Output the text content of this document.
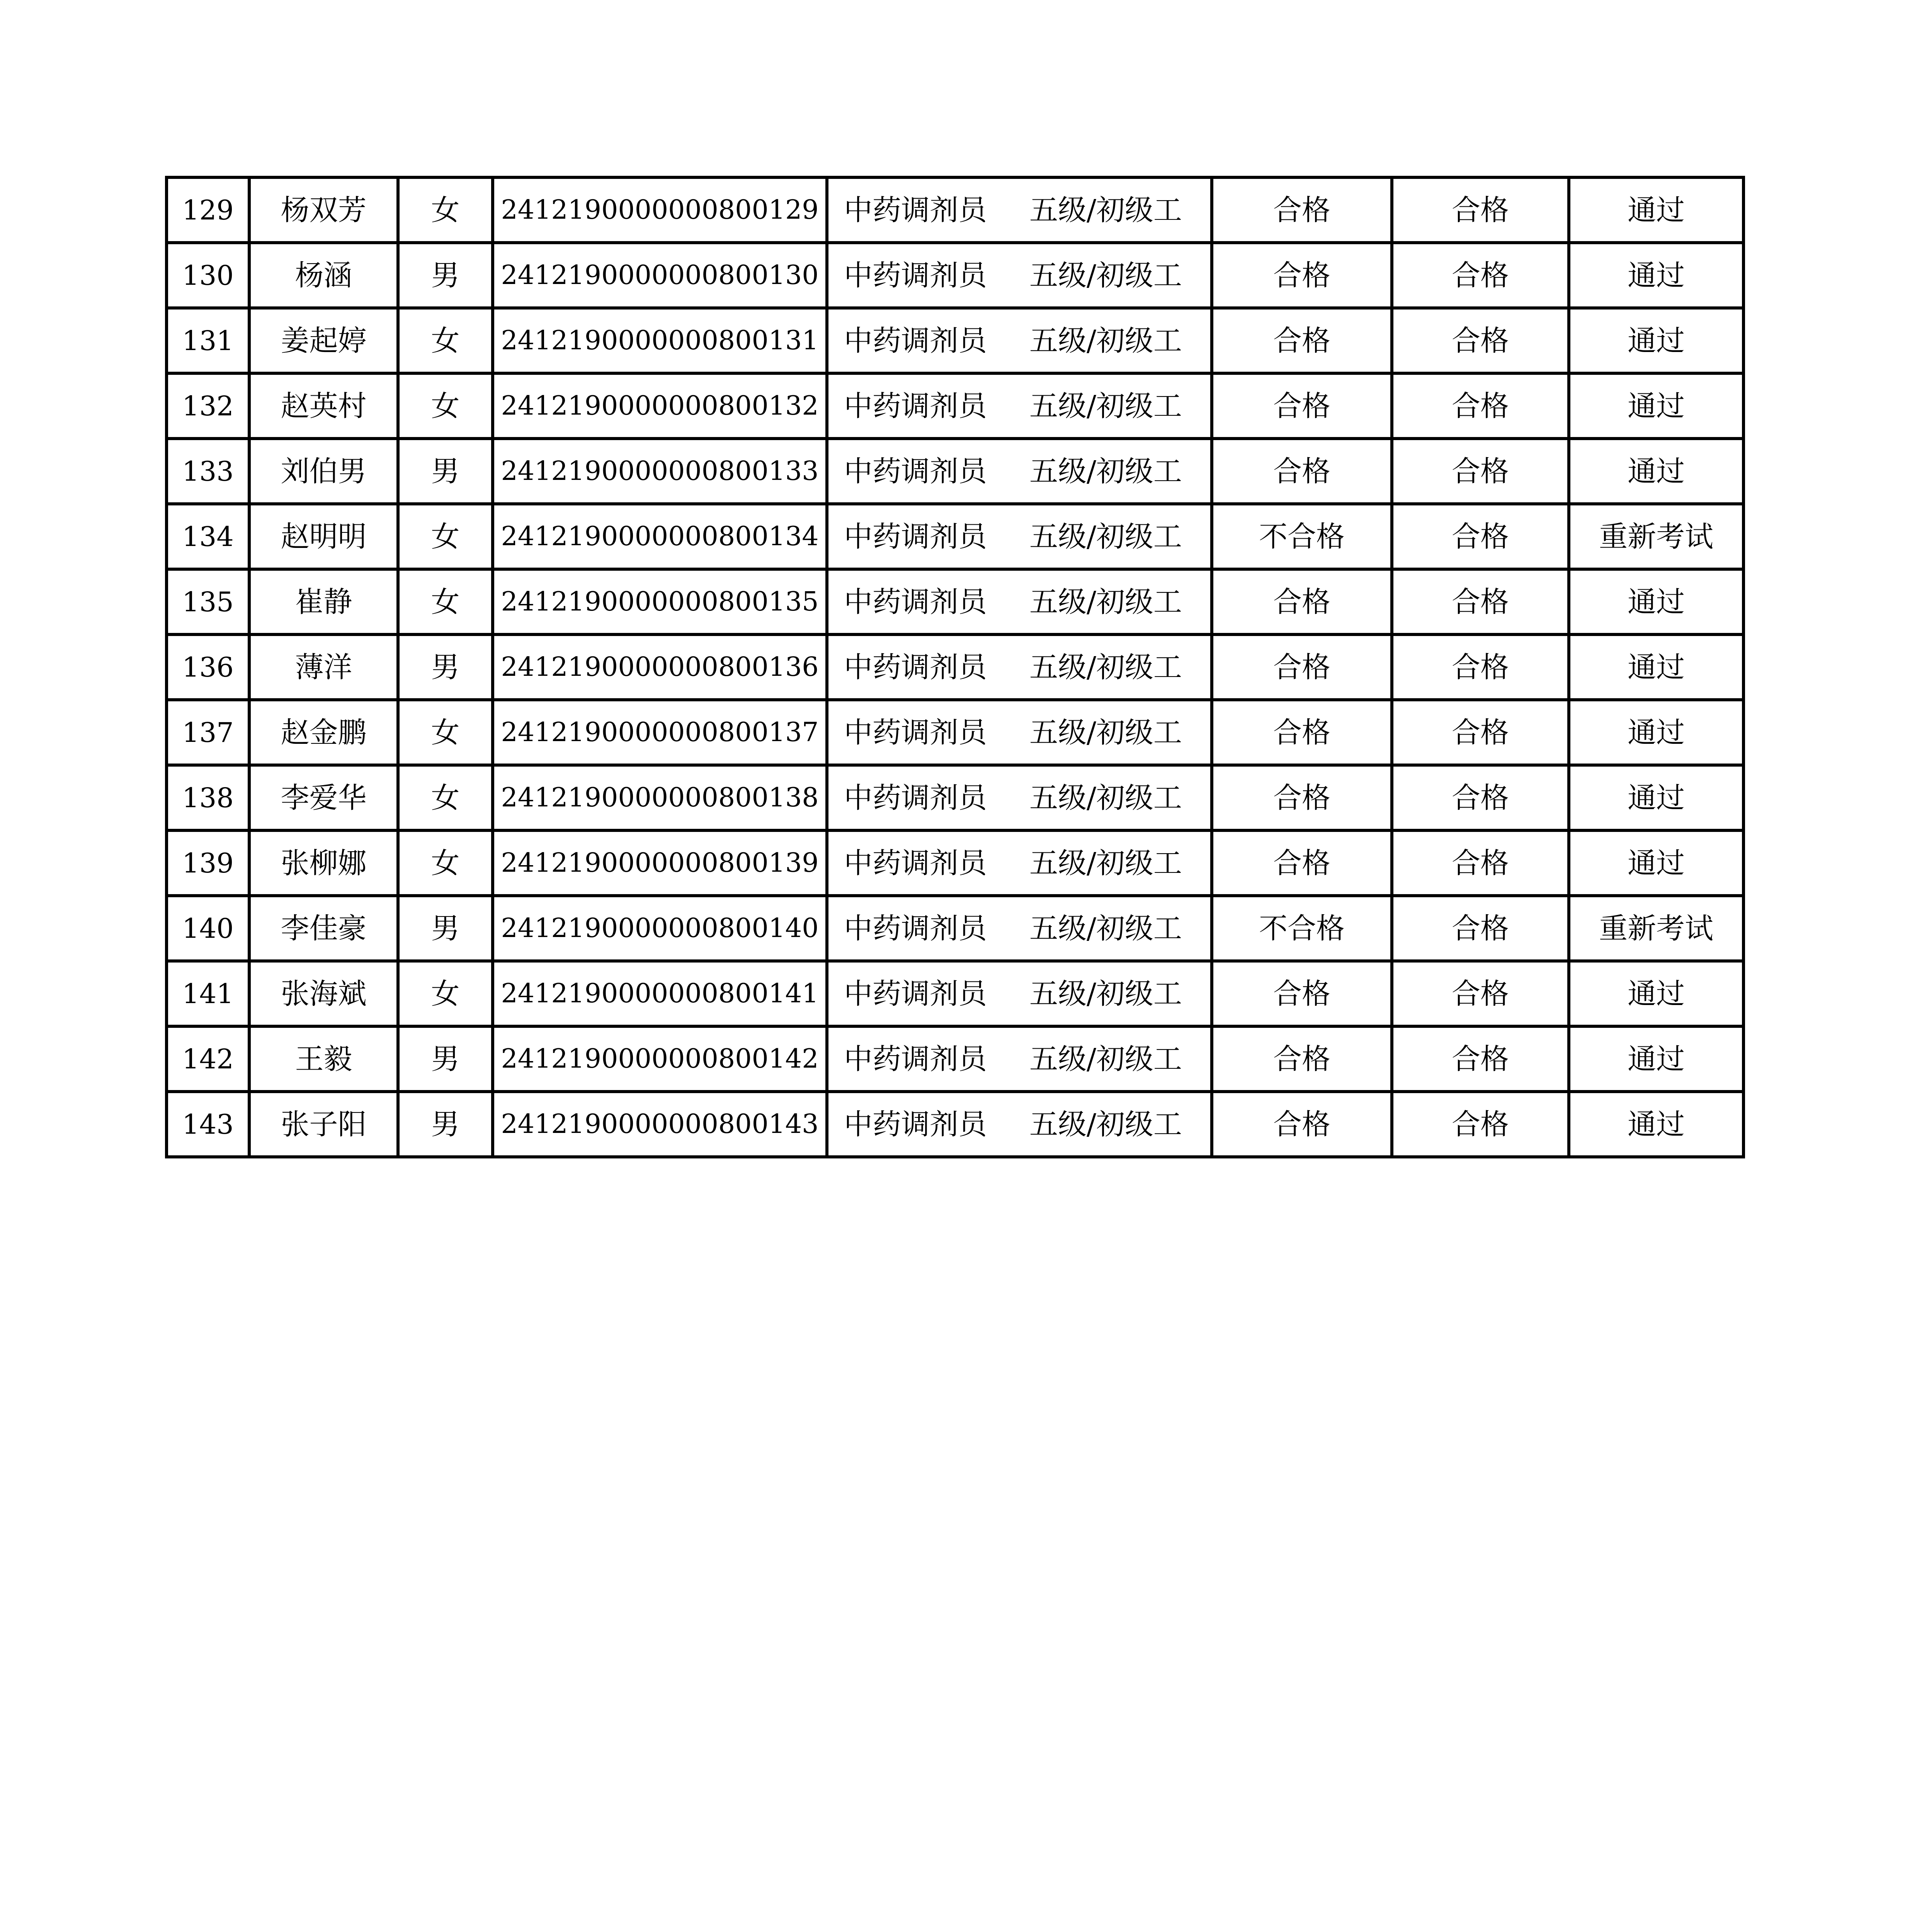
129	杨双芳	女	2412190000000800129	中药调剂员 五级/初级工	合格	合格	通过
130	杨涵	男	2412190000000800130	中药调剂员 五级/初级工	合格	合格	通过
131	姜起婷	女	2412190000000800131	中药调剂员 五级/初级工	合格	合格	通过
132	赵英村	女	2412190000000800132	中药调剂员 五级/初级工	合格	合格	通过
133	刘伯男	男	2412190000000800133	中药调剂员 五级/初级工	合格	合格	通过
134	赵明明	女	2412190000000800134	中药调剂员 五级/初级工	不合格	合格	重新考试
135	崔静	女	2412190000000800135	中药调剂员 五级/初级工	合格	合格	通过
136	薄洋	男	2412190000000800136	中药调剂员 五级/初级工	合格	合格	通过
137	赵金鹏	女	2412190000000800137	中药调剂员 五级/初级工	合格	合格	通过
138	李爱华	女	2412190000000800138	中药调剂员 五级/初级工	合格	合格	通过
139	张柳娜	女	2412190000000800139	中药调剂员 五级/初级工	合格	合格	通过
140	李佳豪	男	2412190000000800140	中药调剂员 五级/初级工	不合格	合格	重新考试
141	张海斌	女	2412190000000800141	中药调剂员 五级/初级工	合格	合格	通过
142	王毅	男	2412190000000800142	中药调剂员 五级/初级工	合格	合格	通过
143	张子阳	男	2412190000000800143	中药调剂员 五级/初级工	合格	合格	通过
